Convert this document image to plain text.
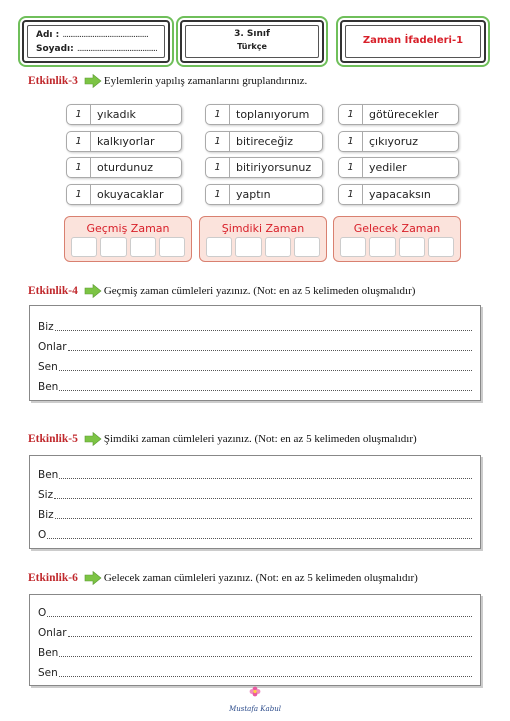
Adı : ..............................................
Soyadı: ...........................................
3. Sınıf
Türkçe
Zaman İfadeleri-1
Etkinlik-3 Eylemlerin yapılış zamanlarını gruplandırınız.
1	yıkadık
1	kalkıyorlar
1	oturdunuz
1	okuyacaklar
1	toplanıyorum
1	bitireceğiz
1	bitiriyorsunuz
1	yaptın
1	götürecekler
1	çıkıyoruz
1	yediler
1	yapacaksın
Geçmiş Zaman	Şimdiki Zaman	Gelecek Zaman
Etkinlik-4 Geçmiş zaman cümleleri yazınız. (Not: en az 5 kelimeden oluşmalıdır)
Biz
Onlar
Sen
Ben
Etkinlik-5 Şimdiki zaman cümleleri yazınız. (Not: en az 5 kelimeden oluşmalıdır)
Ben
Siz
Biz
O
Etkinlik-6 Gelecek zaman cümleleri yazınız. (Not: en az 5 kelimeden oluşmalıdır)
O
Onlar
Ben
Sen
Mustafa Kabul
